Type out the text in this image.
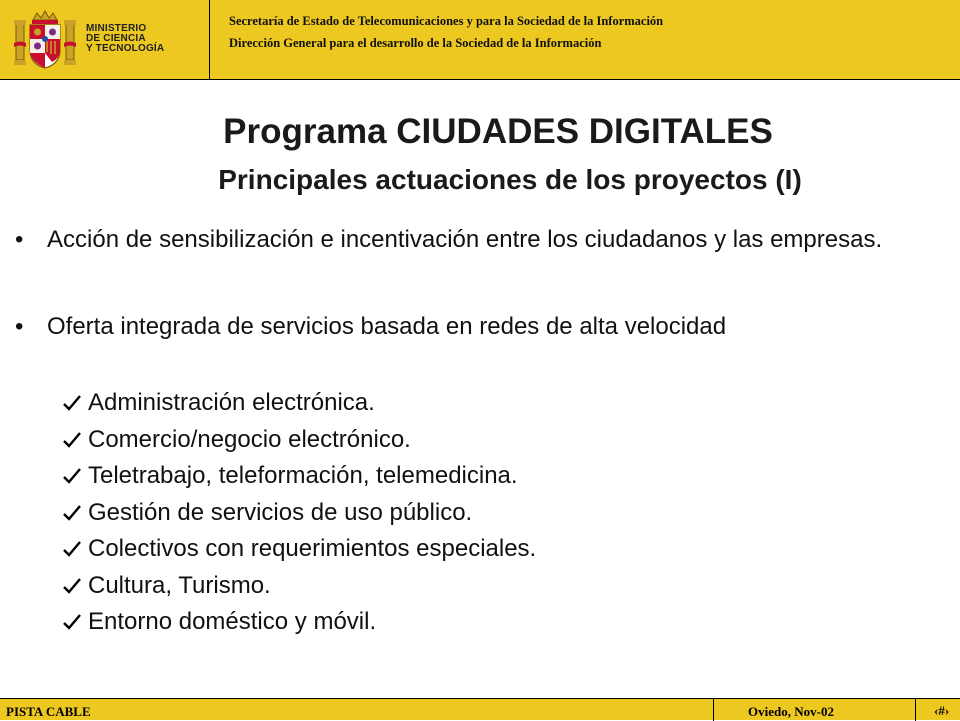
MINISTERIO
DE CIENCIA
Y TECNOLOGÍA
Secretaría de Estado de Telecomunicaciones y para la Sociedad de la Información
Dirección General para el desarrollo de la Sociedad de la Información
Programa CIUDADES DIGITALES
Principales actuaciones de los proyectos (I)
• Acción de sensibilización e incentivación entre los ciudadanos y las empresas.
• Oferta integrada de servicios basada en redes de alta velocidad
Administración electrónica.
Comercio/negocio electrónico.
Teletrabajo, teleformación, telemedicina.
Gestión de servicios de uso público.
Colectivos con requerimientos especiales.
Cultura, Turismo.
Entorno doméstico y móvil.
PISTA CABLE	Oviedo, Nov-02	‹#›
